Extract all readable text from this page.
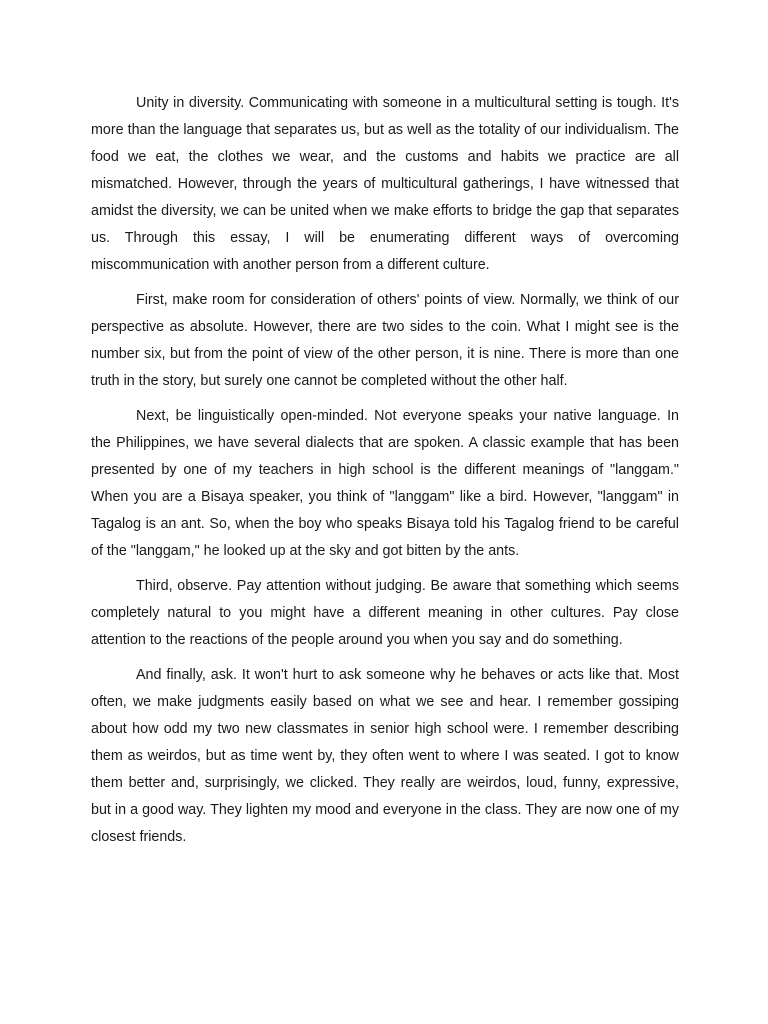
Unity in diversity. Communicating with someone in a multicultural setting is tough. It's more than the language that separates us, but as well as the totality of our individualism. The food we eat, the clothes we wear, and the customs and habits we practice are all mismatched. However, through the years of multicultural gatherings, I have witnessed that amidst the diversity, we can be united when we make efforts to bridge the gap that separates us. Through this essay, I will be enumerating different ways of overcoming miscommunication with another person from a different culture.

First, make room for consideration of others' points of view. Normally, we think of our perspective as absolute. However, there are two sides to the coin. What I might see is the number six, but from the point of view of the other person, it is nine. There is more than one truth in the story, but surely one cannot be completed without the other half.

Next, be linguistically open-minded. Not everyone speaks your native language. In the Philippines, we have several dialects that are spoken. A classic example that has been presented by one of my teachers in high school is the different meanings of "langgam." When you are a Bisaya speaker, you think of "langgam" like a bird. However, "langgam" in Tagalog is an ant. So, when the boy who speaks Bisaya told his Tagalog friend to be careful of the "langgam," he looked up at the sky and got bitten by the ants.

Third, observe. Pay attention without judging. Be aware that something which seems completely natural to you might have a different meaning in other cultures. Pay close attention to the reactions of the people around you when you say and do something.

And finally, ask. It won't hurt to ask someone why he behaves or acts like that. Most often, we make judgments easily based on what we see and hear. I remember gossiping about how odd my two new classmates in senior high school were. I remember describing them as weirdos, but as time went by, they often went to where I was seated. I got to know them better and, surprisingly, we clicked. They really are weirdos, loud, funny, expressive, but in a good way. They lighten my mood and everyone in the class. They are now one of my closest friends.
